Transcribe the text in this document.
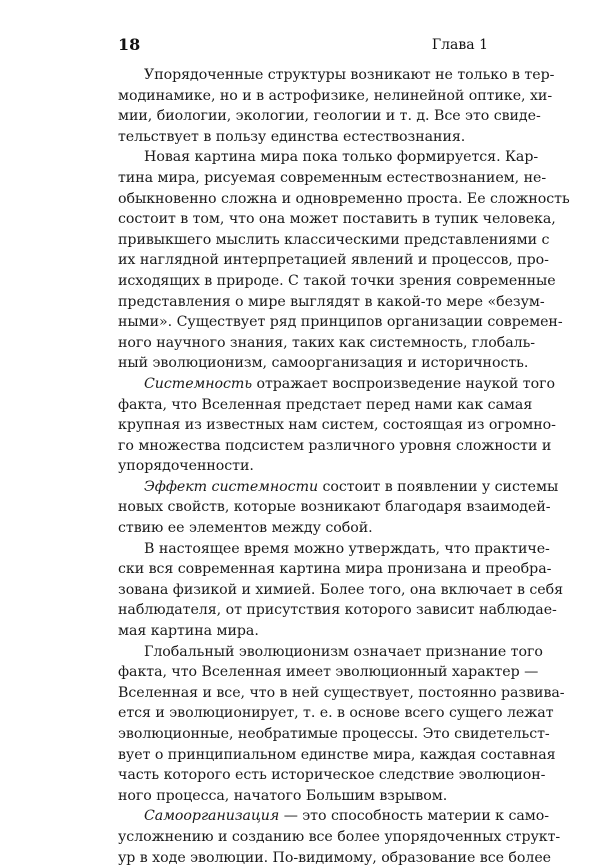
18	Глава 1
Упорядоченные структуры возникают не только в тер-
модинамике, но и в астрофизике, нелинейной оптике, хи-
мии, биологии, экологии, геологии и т. д. Все это свиде-
тельствует в пользу единства естествознания.
Новая картина мира пока только формируется. Кар-
тина мира, рисуемая современным естествознанием, не-
обыкновенно сложна и одновременно проста. Ее сложность
состоит в том, что она может поставить в тупик человека,
привыкшего мыслить классическими представлениями с
их наглядной интерпретацией явлений и процессов, про-
исходящих в природе. С такой точки зрения современные
представления о мире выглядят в какой-то мере «безум-
ными». Существует ряд принципов организации современ-
ного научного знания, таких как системность, глобаль-
ный эволюционизм, самоорганизация и историчность.
Системность отражает воспроизведение наукой того
факта, что Вселенная предстает перед нами как самая
крупная из известных нам систем, состоящая из огромно-
го множества подсистем различного уровня сложности и
упорядоченности.
Эффект системности состоит в появлении у системы
новых свойств, которые возникают благодаря взаимодей-
ствию ее элементов между собой.
В настоящее время можно утверждать, что практиче-
ски вся современная картина мира пронизана и преобра-
зована физикой и химией. Более того, она включает в себя
наблюдателя, от присутствия которого зависит наблюдае-
мая картина мира.
Глобальный эволюционизм означает признание того
факта, что Вселенная имеет эволюционный характер —
Вселенная и все, что в ней существует, постоянно развива-
ется и эволюционирует, т. е. в основе всего сущего лежат
эволюционные, необратимые процессы. Это свидетельст-
вует о принципиальном единстве мира, каждая составная
часть которого есть историческое следствие эволюцион-
ного процесса, начатого Большим взрывом.
Самоорганизация — это способность материи к само-
усложнению и созданию все более упорядоченных структ-
ур в ходе эволюции. По-видимому, образование все более
